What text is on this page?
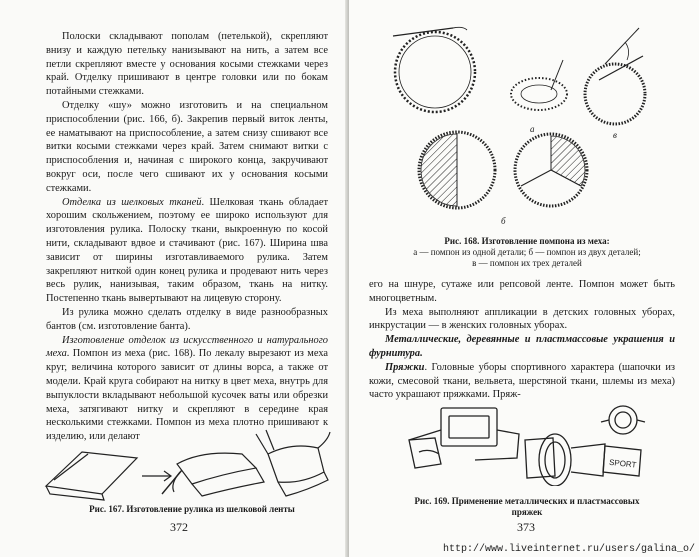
Полоски складывают пополам (петелькой), скрепляют внизу и каждую петельку нанизывают на нить, а затем все петли скрепляют вместе у основания косыми стежками через край. Отделку пришивают в центре головки или по бокам потайными стежками.

Отделку «шу» можно изготовить и на специальном приспособлении (рис. 166, б). Закрепив первый виток ленты, ее наматывают на приспособление, а затем снизу сшивают все витки косыми стежками через край. Затем снимают витки с приспособления и, начиная с широкого конца, закручивают вокруг оси, после чего сшивают их у основания косыми стежками.

Отделка из шелковых тканей. Шелковая ткань обладает хорошим скольжением, поэтому ее широко используют для изготовления рулика. Полоску ткани, выкроенную по косой нити, складывают вдвое и стачивают (рис. 167). Ширина шва зависит от ширины изготавливаемого рулика. Затем закрепляют ниткой один конец рулика и продевают нить через весь рулик, нанизывая, таким образом, ткань на нитку. Постепенно ткань вывертывают на лицевую сторону.

Из рулика можно сделать отделку в виде разнообразных бантов (см. изготовление банта).

Изготовление отделок из искусственного и натурального меха. Помпон из меха (рис. 168). По лекалу вырезают из меха круг, величина которого зависит от длины ворса, а также от модели. Край круга собирают на нитку в цвет меха, внутрь для выпуклости вкладывают небольшой кусочек ваты или обрезки меха, затягивают нитку и скрепляют в середине края несколькими стежками. Помпон из меха плотно пришивают к изделию, или делают

Рис. 167. Изготовление рулика из шелковой ленты
372
а
б
в
Рис. 168. Изготовление помпона из меха:
а — помпон из одной детали; б — помпон из двух деталей;
в — помпон их трех деталей

его на шнуре, сутаже или репсовой ленте. Помпон может быть многоцветным.

Из меха выполняют аппликации в детских головных уборах, инкрустации — в женских головных уборах.

Металлические, деревянные и пластмассовые украшения и фурнитура.

Пряжки. Головные уборы спортивного характера (шапочки из кожи, смесовой ткани, вельвета, шерстяной ткани, шлемы из меха) часто украшают пряжками. Пряж-

SPORT
Рис. 169. Применение металлических и пластмассовых
пряжек
373
http://www.liveinternet.ru/users/galina_o/
